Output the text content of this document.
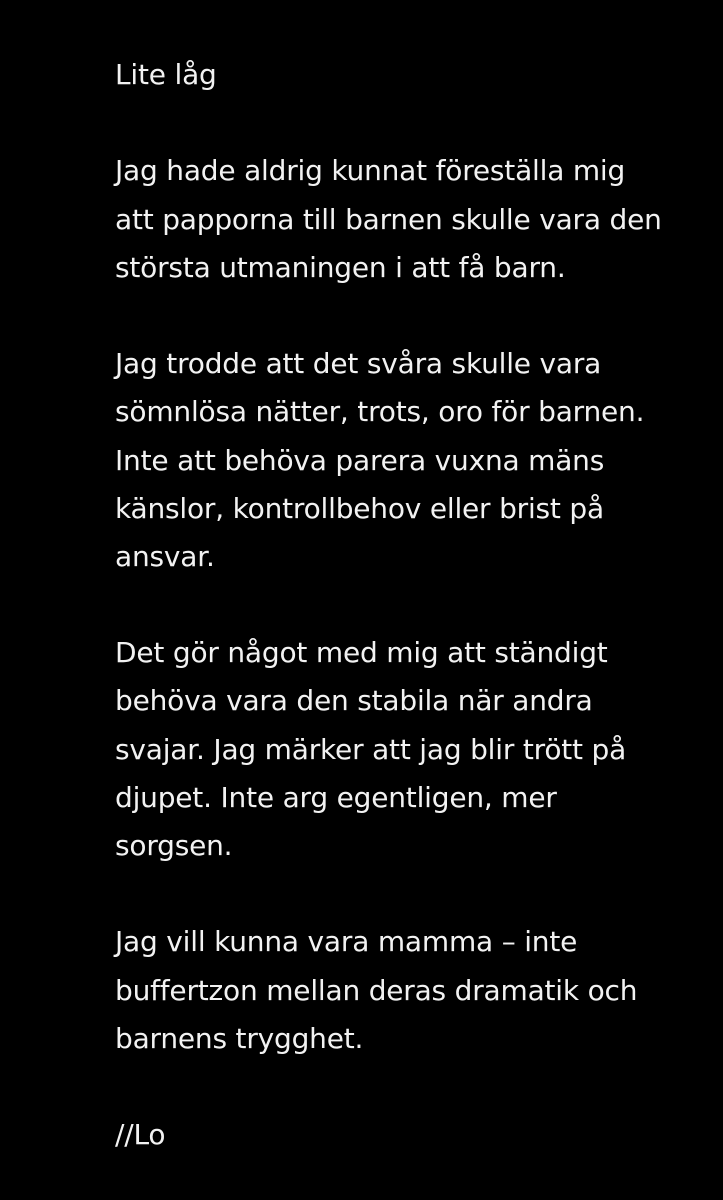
Lite låg
Jag hade aldrig kunnat föreställa mig
att papporna till barnen skulle vara den
största utmaningen i att få barn.
Jag trodde att det svåra skulle vara
sömnlösa nätter, trots, oro för barnen.
Inte att behöva parera vuxna mäns
känslor, kontrollbehov eller brist på
ansvar.
Det gör något med mig att ständigt
behöva vara den stabila när andra
svajar. Jag märker att jag blir trött på
djupet. Inte arg egentligen, mer
sorgsen.
Jag vill kunna vara mamma – inte
buffertzon mellan deras dramatik och
barnens trygghet.
//Lo
